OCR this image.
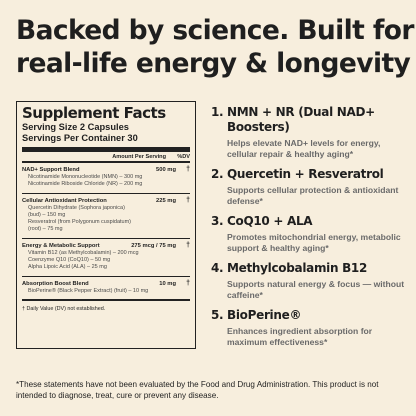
Backed by science. Built for
real-life energy & longevity
Supplement Facts
Serving Size 2 Capsules
Servings Per Container 30
Amount Per Serving %DV
NAD+ Support Blend	500 mg	†
Nicotinamide Mononucleotide (NMN) – 300 mg
Nicotinamide Riboside Chloride (NR) – 200 mg
Cellular Antioxidant Protection	225 mg	†
Quercetin Dihydrate (Sophora japonica)
(bud) – 150 mg
Resveratrol (from Polygonum cuspidatum)
(root) – 75 mg
Energy & Metabolic Support	275 mcg / 75 mg	†
Vitamin B12 (as Methylcobalamin) – 200 mcg
Coenzyme Q10 (CoQ10) – 50 mg
Alpha Lipoic Acid (ALA) – 25 mg
Absorption Boost Blend	10 mg	†
BioPerine® (Black Pepper Extract) (fruit) – 10 mg
† Daily Value (DV) not established.
1. NMN + NR (Dual NAD+ Boosters)
Helps elevate NAD+ levels for energy, cellular repair & healthy aging*
2. Quercetin + Resveratrol
Supports cellular protection & antioxidant defense*
3. CoQ10 + ALA
Promotes mitochondrial energy, metabolic support & healthy aging*
4. Methylcobalamin B12
Supports natural energy & focus — without caffeine*
5. BioPerine®
Enhances ingredient absorption for maximum effectiveness*
*These statements have not been evaluated by the Food and Drug Administration. This product is not
intended to diagnose, treat, cure or prevent any disease.
